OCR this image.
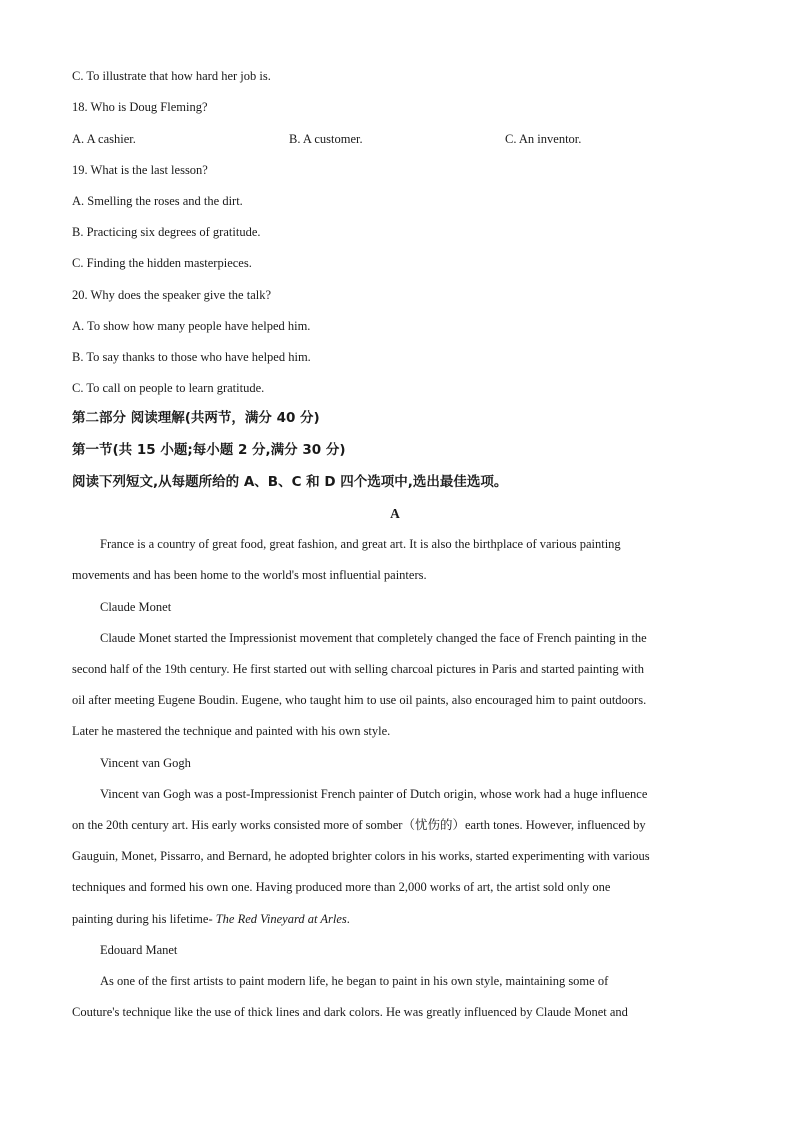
C. To illustrate that how hard her job is.
18. Who is Doug Fleming?
A. A cashier.	B. A customer.	C. An inventor.
19. What is the last lesson?
A. Smelling the roses and the dirt.
B. Practicing six degrees of gratitude.
C. Finding the hidden masterpieces.
20. Why does the speaker give the talk?
A. To show how many people have helped him.
B. To say thanks to those who have helped him.
C. To call on people to learn gratitude.
第二部分 阅读理解(共两节，满分 40 分)
第一节(共 15 小题;每小题 2 分,满分 30 分)
阅读下列短文,从每题所给的 A、B、C 和 D 四个选项中,选出最佳选项。
A
France is a country of great food, great fashion, and great art. It is also the birthplace of various painting
movements and has been home to the world's most influential painters.
Claude Monet
Claude Monet started the Impressionist movement that completely changed the face of French painting in the
second half of the 19th century. He first started out with selling charcoal pictures in Paris and started painting with
oil after meeting Eugene Boudin. Eugene, who taught him to use oil paints, also encouraged him to paint outdoors.
Later he mastered the technique and painted with his own style.
Vincent van Gogh
Vincent van Gogh was a post-Impressionist French painter of Dutch origin, whose work had a huge influence
on the 20th century art. His early works consisted more of somber（忧伤的）earth tones. However, influenced by
Gauguin, Monet, Pissarro, and Bernard, he adopted brighter colors in his works, started experimenting with various
techniques and formed his own one. Having produced more than 2,000 works of art, the artist sold only one
painting during his lifetime- The Red Vineyard at Arles.
Edouard Manet
As one of the first artists to paint modern life, he began to paint in his own style, maintaining some of
Couture's technique like the use of thick lines and dark colors. He was greatly influenced by Claude Monet and
